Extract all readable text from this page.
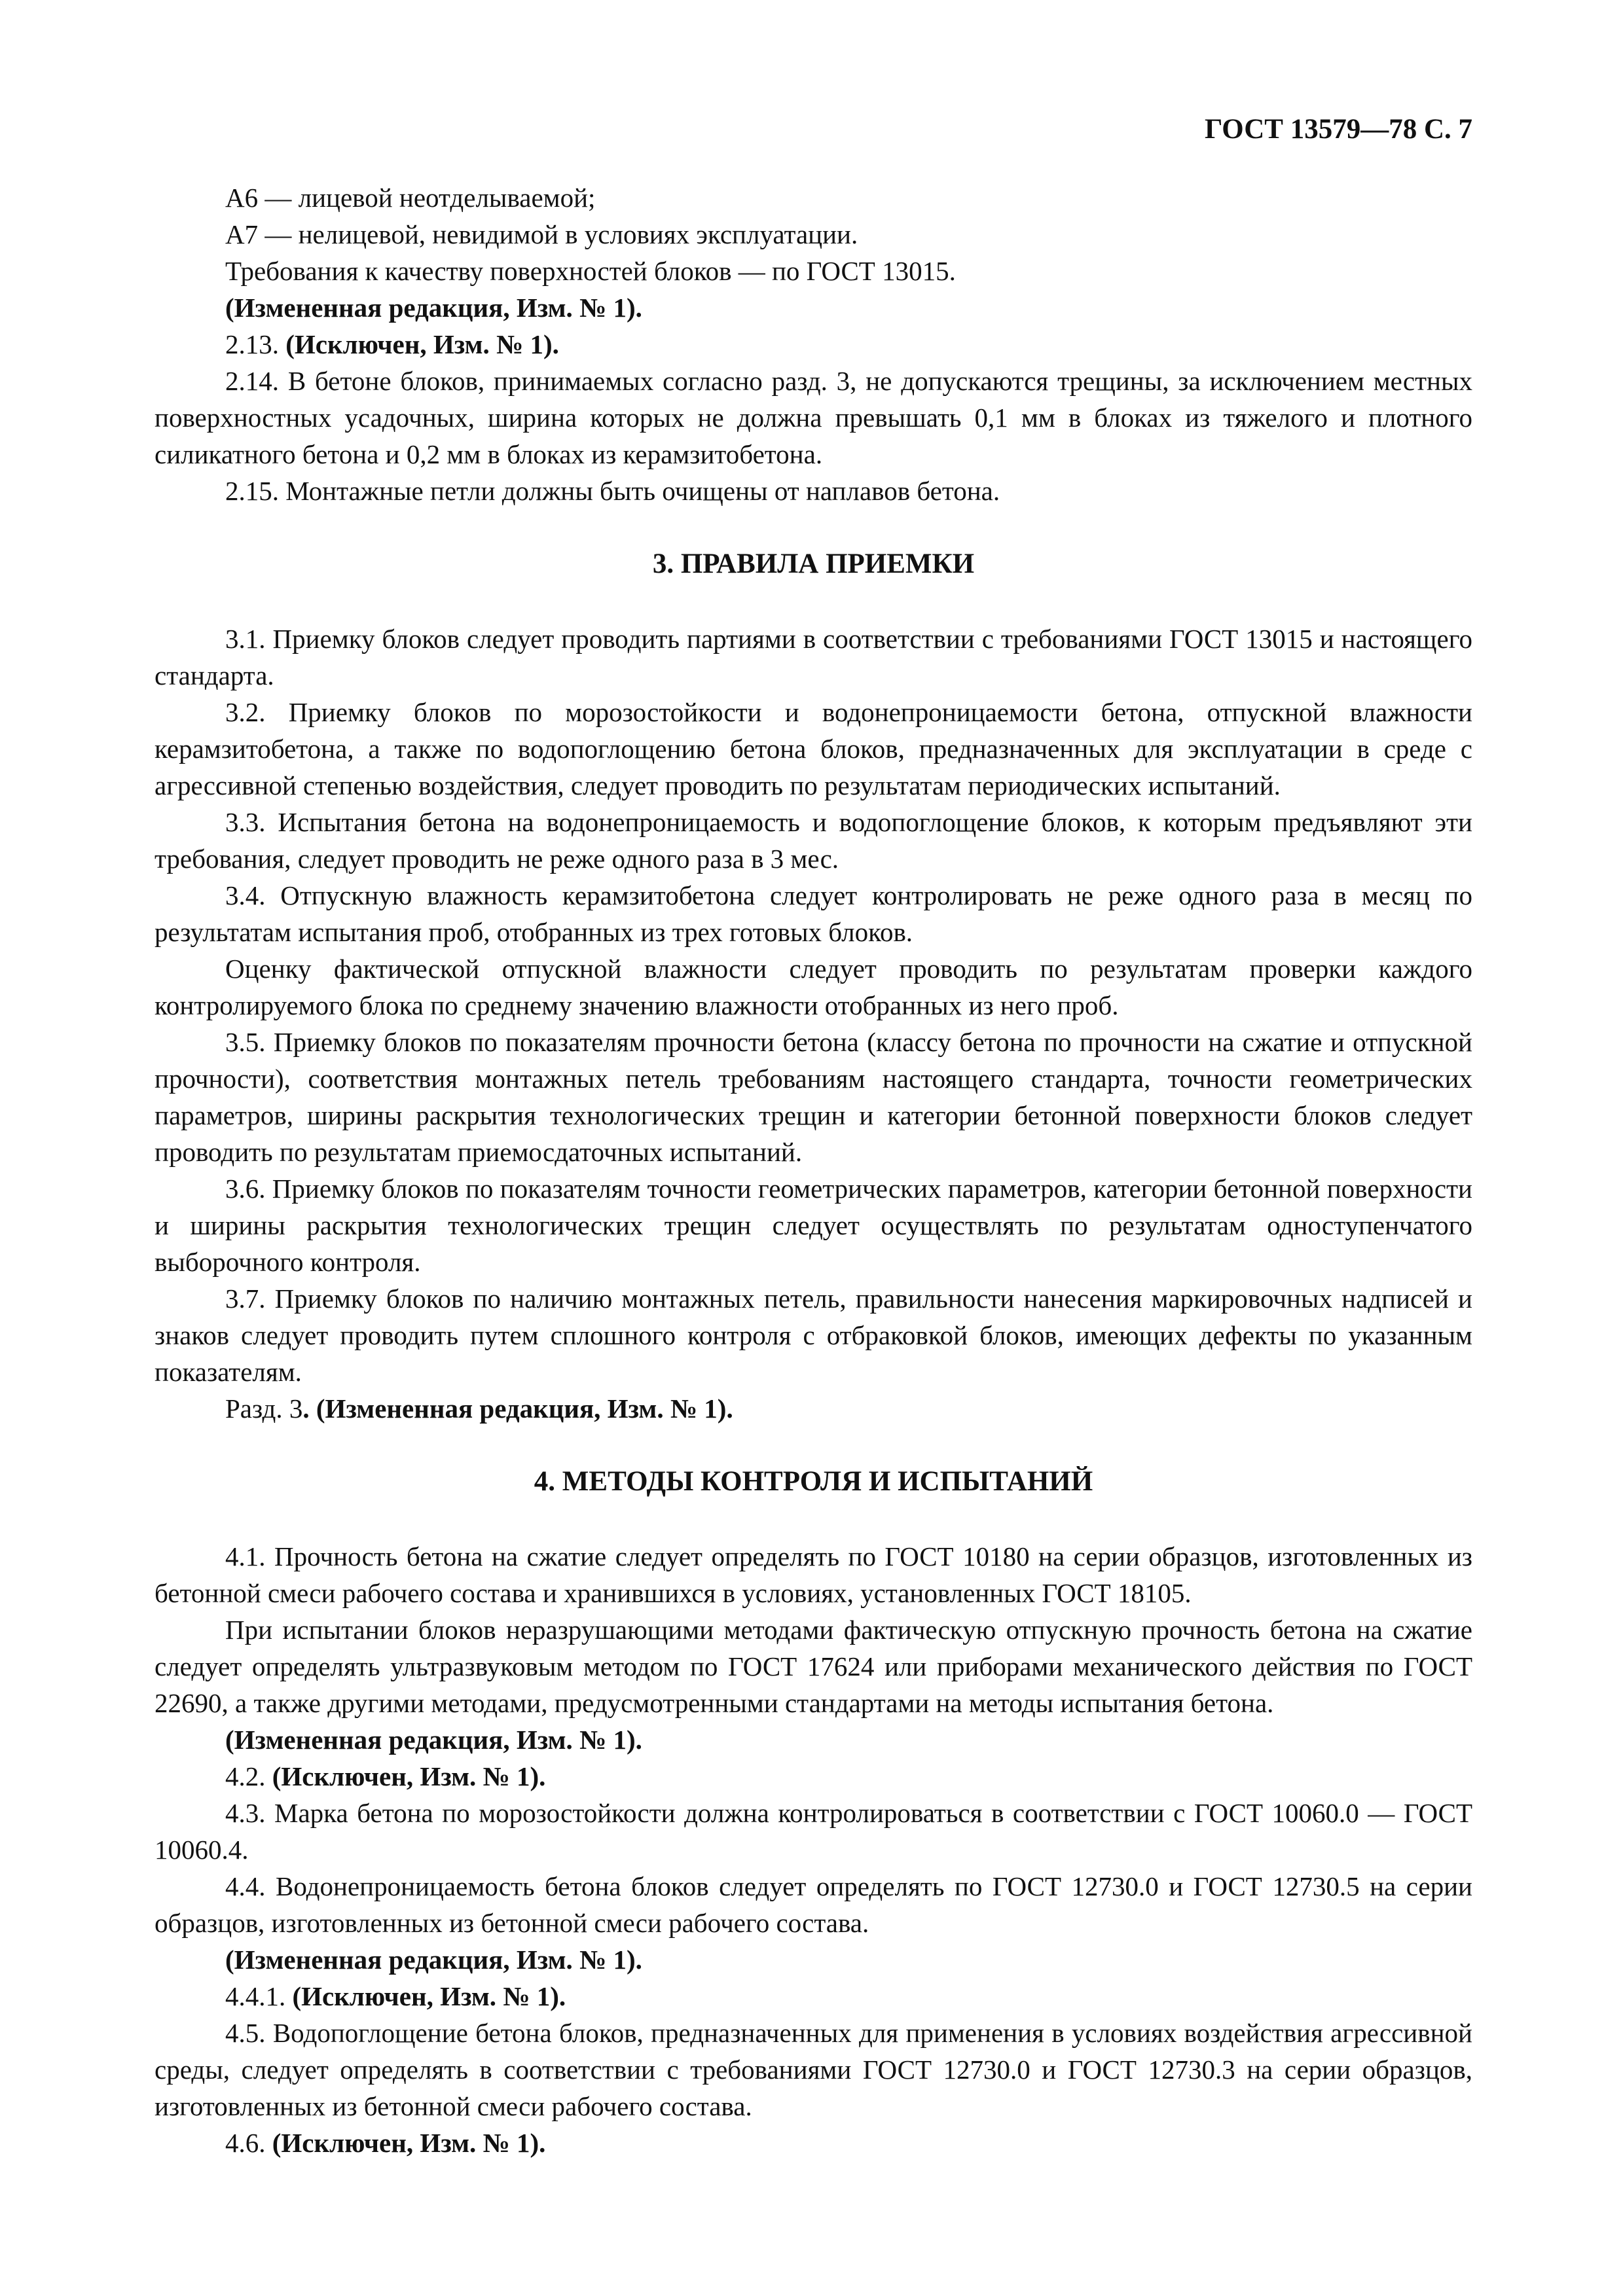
ГОСТ 13579—78 С. 7

А6 — лицевой неотделываемой;

А7 — нелицевой, невидимой в условиях эксплуатации.

Требования к качеству поверхностей блоков — по ГОСТ 13015.

(Измененная редакция, Изм. № 1).

2.13. (Исключен, Изм. № 1).

2.14. В бетоне блоков, принимаемых согласно разд. 3, не допускаются трещины, за исключением местных поверхностных усадочных, ширина которых не должна превышать 0,1 мм в блоках из тяжелого и плотного силикатного бетона и 0,2 мм в блоках из керамзитобетона.

2.15. Монтажные петли должны быть очищены от наплавов бетона.

3. ПРАВИЛА ПРИЕМКИ

3.1. Приемку блоков следует проводить партиями в соответствии с требованиями ГОСТ 13015 и настоящего стандарта.

3.2. Приемку блоков по морозостойкости и водонепроницаемости бетона, отпускной влажности керамзитобетона, а также по водопоглощению бетона блоков, предназначенных для эксплуатации в среде с агрессивной степенью воздействия, следует проводить по результатам периодических испытаний.

3.3. Испытания бетона на водонепроницаемость и водопоглощение блоков, к которым предъявляют эти требования, следует проводить не реже одного раза в 3 мес.

3.4. Отпускную влажность керамзитобетона следует контролировать не реже одного раза в месяц по результатам испытания проб, отобранных из трех готовых блоков.

Оценку фактической отпускной влажности следует проводить по результатам проверки каждого контролируемого блока по среднему значению влажности отобранных из него проб.

3.5. Приемку блоков по показателям прочности бетона (классу бетона по прочности на сжатие и отпускной прочности), соответствия монтажных петель требованиям настоящего стандарта, точности геометрических параметров, ширины раскрытия технологических трещин и категории бетонной поверхности блоков следует проводить по результатам приемосдаточных испытаний.

3.6. Приемку блоков по показателям точности геометрических параметров, категории бетонной поверхности и ширины раскрытия технологических трещин следует осуществлять по результатам одноступенчатого выборочного контроля.

3.7. Приемку блоков по наличию монтажных петель, правильности нанесения маркировочных надписей и знаков следует проводить путем сплошного контроля с отбраковкой блоков, имеющих дефекты по указанным показателям.

Разд. 3. (Измененная редакция, Изм. № 1).

4. МЕТОДЫ КОНТРОЛЯ И ИСПЫТАНИЙ

4.1. Прочность бетона на сжатие следует определять по ГОСТ 10180 на серии образцов, изготовленных из бетонной смеси рабочего состава и хранившихся в условиях, установленных ГОСТ 18105.

При испытании блоков неразрушающими методами фактическую отпускную прочность бетона на сжатие следует определять ультразвуковым методом по ГОСТ 17624 или приборами механического действия по ГОСТ 22690, а также другими методами, предусмотренными стандартами на методы испытания бетона.

(Измененная редакция, Изм. № 1).

4.2. (Исключен, Изм. № 1).

4.3. Марка бетона по морозостойкости должна контролироваться в соответствии с ГОСТ 10060.0 — ГОСТ 10060.4.

4.4. Водонепроницаемость бетона блоков следует определять по ГОСТ 12730.0 и ГОСТ 12730.5 на серии образцов, изготовленных из бетонной смеси рабочего состава.

(Измененная редакция, Изм. № 1).

4.4.1. (Исключен, Изм. № 1).

4.5. Водопоглощение бетона блоков, предназначенных для применения в условиях воздействия агрессивной среды, следует определять в соответствии с требованиями ГОСТ 12730.0 и ГОСТ 12730.3 на серии образцов, изготовленных из бетонной смеси рабочего состава.

4.6. (Исключен, Изм. № 1).
